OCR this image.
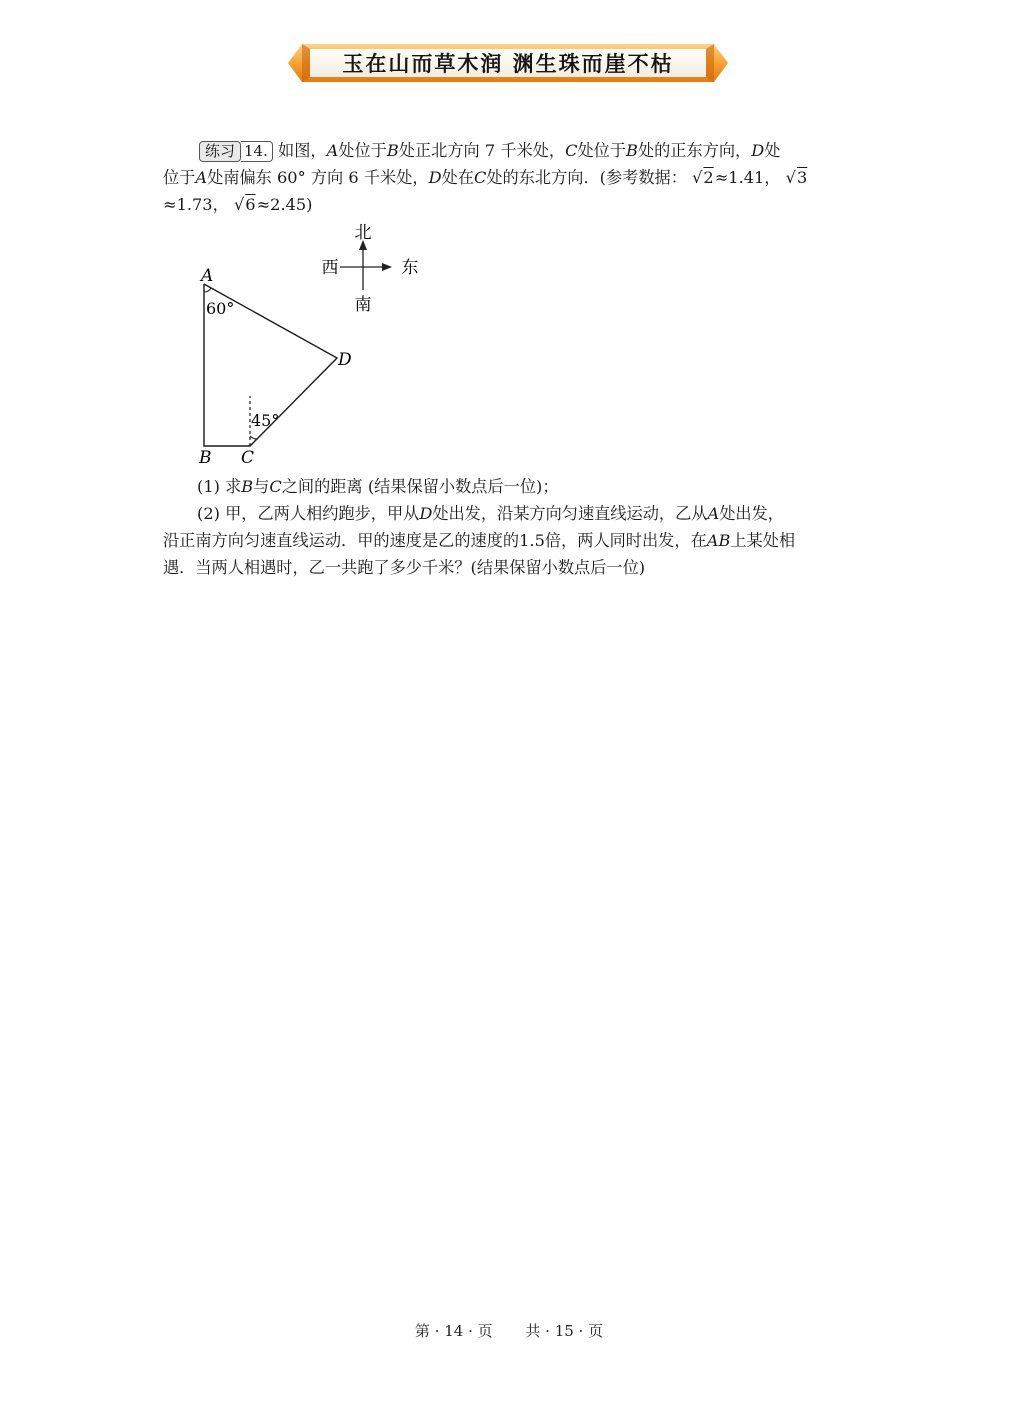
玉在山而草木润 渊生珠而崖不枯
练习 14. 如图，A处位于B处正北方向 7 千米处，C处位于B处的正东方向，D处
位于A处南偏东 60° 方向 6 千米处，D处在C处的东北方向．(参考数据： √2≈1.41， √3
≈1.73， √6≈2.45)
北
南
西	东
A
B C
D
60°
45°
(1) 求B与C之间的距离 (结果保留小数点后一位)；
(2) 甲，乙两人相约跑步，甲从D处出发，沿某方向匀速直线运动，乙从A处出发，
沿正南方向匀速直线运动．甲的速度是乙的速度的1.5倍，两人同时出发，在AB上某处相
遇．当两人相遇时，乙一共跑了多少千米？(结果保留小数点后一位)
第 · 14 · 页 共 · 15 · 页
